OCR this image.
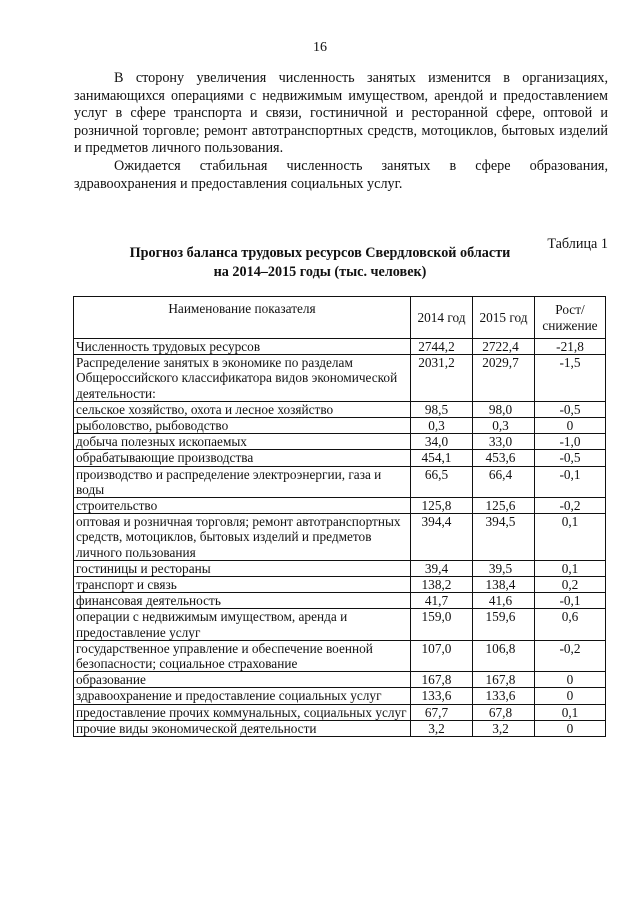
16

В сторону увеличения численность занятых изменится в организациях, занимающихся операциями с недвижимым имуществом, арендой и предоставлением услуг в сфере транспорта и связи, гостиничной и ресторанной сфере, оптовой и розничной торговле; ремонт автотранспортных средств, мотоциклов, бытовых изделий и предметов личного пользования.

Ожидается стабильная численность занятых в сфере образования, здравоохранения и предоставления социальных услуг.

Таблица 1
Прогноз баланса трудовых ресурсов Свердловской области
на 2014–2015 годы (тыс. человек)
Наименование показателя	2014 год	2015 год	Рост/
снижение

Численность трудовых ресурсов	2744,2	2722,4	-21,8
Распределение занятых в экономике по разделам Общероссийского классификатора видов экономической деятельности:	2031,2	2029,7	-1,5
сельское хозяйство, охота и лесное хозяйство	98,5	98,0	-0,5
рыболовство, рыбоводство	0,3	0,3	0
добыча полезных ископаемых	34,0	33,0	-1,0
обрабатывающие производства	454,1	453,6	-0,5
производство и распределение электроэнергии, газа и воды	66,5	66,4	-0,1
строительство	125,8	125,6	-0,2
оптовая и розничная торговля; ремонт автотранспортных средств, мотоциклов, бытовых изделий и предметов личного пользования	394,4	394,5	0,1
гостиницы и рестораны	39,4	39,5	0,1
транспорт и связь	138,2	138,4	0,2
финансовая деятельность	41,7	41,6	-0,1
операции с недвижимым имуществом, аренда и предоставление услуг	159,0	159,6	0,6
государственное управление и обеспечение военной безопасности; социальное страхование	107,0	106,8	-0,2
образование	167,8	167,8	0
здравоохранение и предоставление социальных услуг	133,6	133,6	0
предоставление прочих коммунальных, социальных услуг	67,7	67,8	0,1
прочие виды экономической деятельности	3,2	3,2	0
